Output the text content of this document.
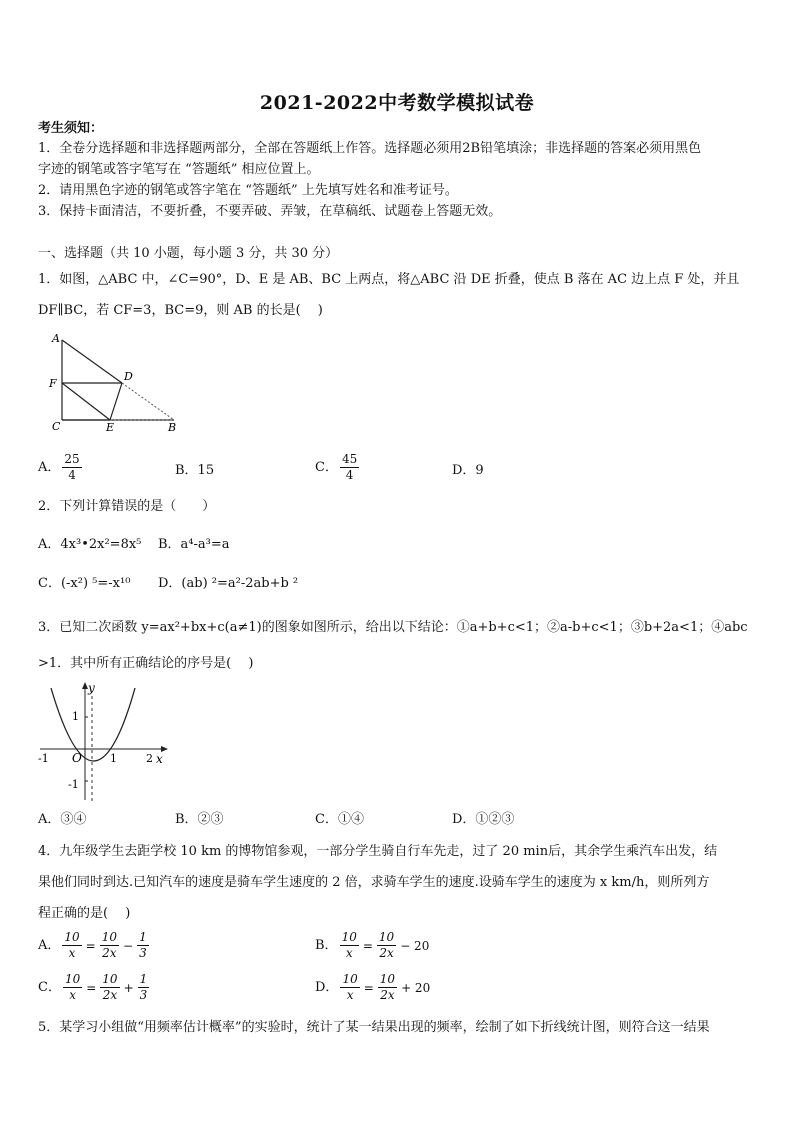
2021-2022中考数学模拟试卷
考生须知：
1．全卷分选择题和非选择题两部分，全部在答题纸上作答。选择题必须用2B铅笔填涂；非选择题的答案必须用黑色
字迹的钢笔或答字笔写在 “答题纸” 相应位置上。
2．请用黑色字迹的钢笔或答字笔在 “答题纸” 上先填写姓名和准考证号。
3．保持卡面清洁，不要折叠，不要弄破、弄皱，在草稿纸、试题卷上答题无效。
一、选择题（共 10 小题，每小题 3 分，共 30 分）
1．如图，△ABC 中，∠C=90°，D、E 是 AB、BC 上两点，将△ABC 沿 DE 折叠，使点 B 落在 AC 边上点 F 处，并且
DF∥BC，若 CF=3，BC=9，则 AB 的长是(　 )
A
F
D
C	E	B
A． $\frac{25}{4}$	B．15	C． $\frac{45}{4}$	D．9
2．下列计算错误的是（　　）
A．4x³•2x²=8x⁵ B．a⁴-a³=a
C．(-x²) ⁵=-x¹⁰ D．(ab) ²=a²-2ab+b ²
3．已知二次函数 y=ax²+bx+c(a≠1)的图象如图所示，给出以下结论：①a+b+c<1；②a-b+c<1；③b+2a<1；④abc
>1．其中所有正确结论的序号是(　 )
y
x
1
-1
-1 O	1	2
A．③④	B．②③	C．①④	D．①②③
4．九年级学生去距学校 10 km 的博物馆参观，一部分学生骑自行车先走，过了 20 min后，其余学生乘汽车出发，结
果他们同时到达.已知汽车的速度是骑车学生速度的 2 倍，求骑车学生的速度.设骑车学生的速度为 x km/h，则所列方
程正确的是(　 )
A． $\frac{10}{x} = \frac{10}{2x} - \frac{1}{3}$	B． $\frac{10}{x} = \frac{10}{2x} - 20$
C． $\frac{10}{x} = \frac{10}{2x} + \frac{1}{3}$	D． $\frac{10}{x} = \frac{10}{2x} + 20$
5．某学习小组做“用频率估计概率”的实验时，统计了某一结果出现的频率，绘制了如下折线统计图，则符合这一结果
